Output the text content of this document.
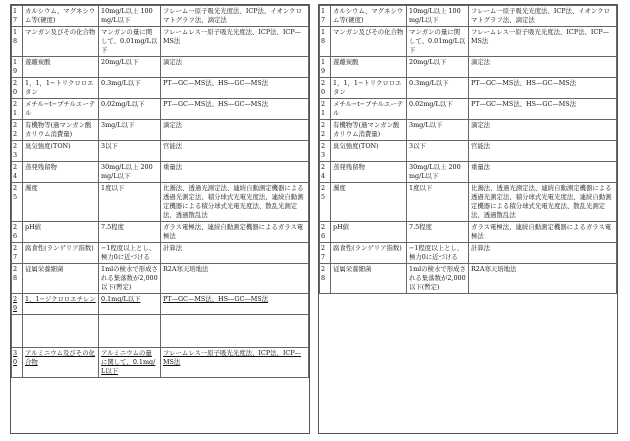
17	カルシウム、マグネシウム等(硬度)	10mg/L以上 100mg/L以下	フレーム一原子吸光光度法、ICP法、イオンクロマトグラフ法、滴定法
18	マンガン及びその化合物	マンガンの量に関して、0.01mg/L以下	フレームレス一原子吸光光度法、ICP法、ICP—MS法
19	遊離炭酸	20mg/L以下	滴定法
20	1，1，1−トリクロロエタン	0.3mg/L以下	PT—GC—MS法、HS—GC—MS法
21	メチル−t−ブチルエーテル	0.02mg/L以下	PT—GC—MS法、HS—GC—MS法
22	有機物等(過マンガン酸カリウム消費量)	3mg/L以下	滴定法
23	臭気強度(TON)	3以下	官能法
24	蒸発残留物	30mg/L以上 200mg/L以下	重量法
25	濁度	1度以下	比濁法、透過光測定法、連続自動測定機器による透過光測定法、積分球式光電光度法、連続自動測定機器による積分球式光電光度法、散乱光測定法、透過散乱法
26	pH値	7.5程度	ガラス電極法、連続自動測定機器によるガラス電極法
27	腐食性(ランゲリア指数)	−1程度以上とし、極力0に近づける	計算法
28	従属栄養細菌	1mlの検水で形成される集落数が2,000以下(暫定)	R2A寒天培地法
29	1，1−ジクロロエチレン	0.1mg/L以下	PT—GC—MS法、HS—GC—MS法

30	アルミニウム及びその化合物	アルミニウムの量に関して、0.1mg/L以下	フレームレス一原子吸光光度法、ICP法、ICP—MS法

17	カルシウム、マグネシウム等(硬度)	10mg/L以上 100mg/L以下	フレーム一原子吸光光度法、ICP法、イオンクロマトグラフ法、滴定法
18	マンガン及びその化合物	マンガンの量に関して、0.01mg/L以下	フレームレス一原子吸光光度法、ICP法、ICP—MS法
19	遊離炭酸	20mg/L以下	滴定法
20	1，1，1−トリクロロエタン	0.3mg/L以下	PT—GC—MS法、HS—GC—MS法
21	メチル−t−ブチルエーテル	0.02mg/L以下	PT—GC—MS法、HS—GC—MS法
22	有機物等(過マンガン酸カリウム消費量)	3mg/L以下	滴定法
23	臭気強度(TON)	3以下	官能法
24	蒸発残留物	30mg/L以上 200mg/L以下	重量法
25	濁度	1度以下	比濁法、透過光測定法、連続自動測定機器による透過光測定法、積分球式光電光度法、連続自動測定機器による積分球式光電光度法、散乱光測定法、透過散乱法
26	pH値	7.5程度	ガラス電極法、連続自動測定機器によるガラス電極法
27	腐食性(ランゲリア指数)	−1程度以上とし、極力0に近づける	計算法
28	従属栄養細菌	1mlの検水で形成される集落数が2,000以下(暫定)	R2A寒天培地法
